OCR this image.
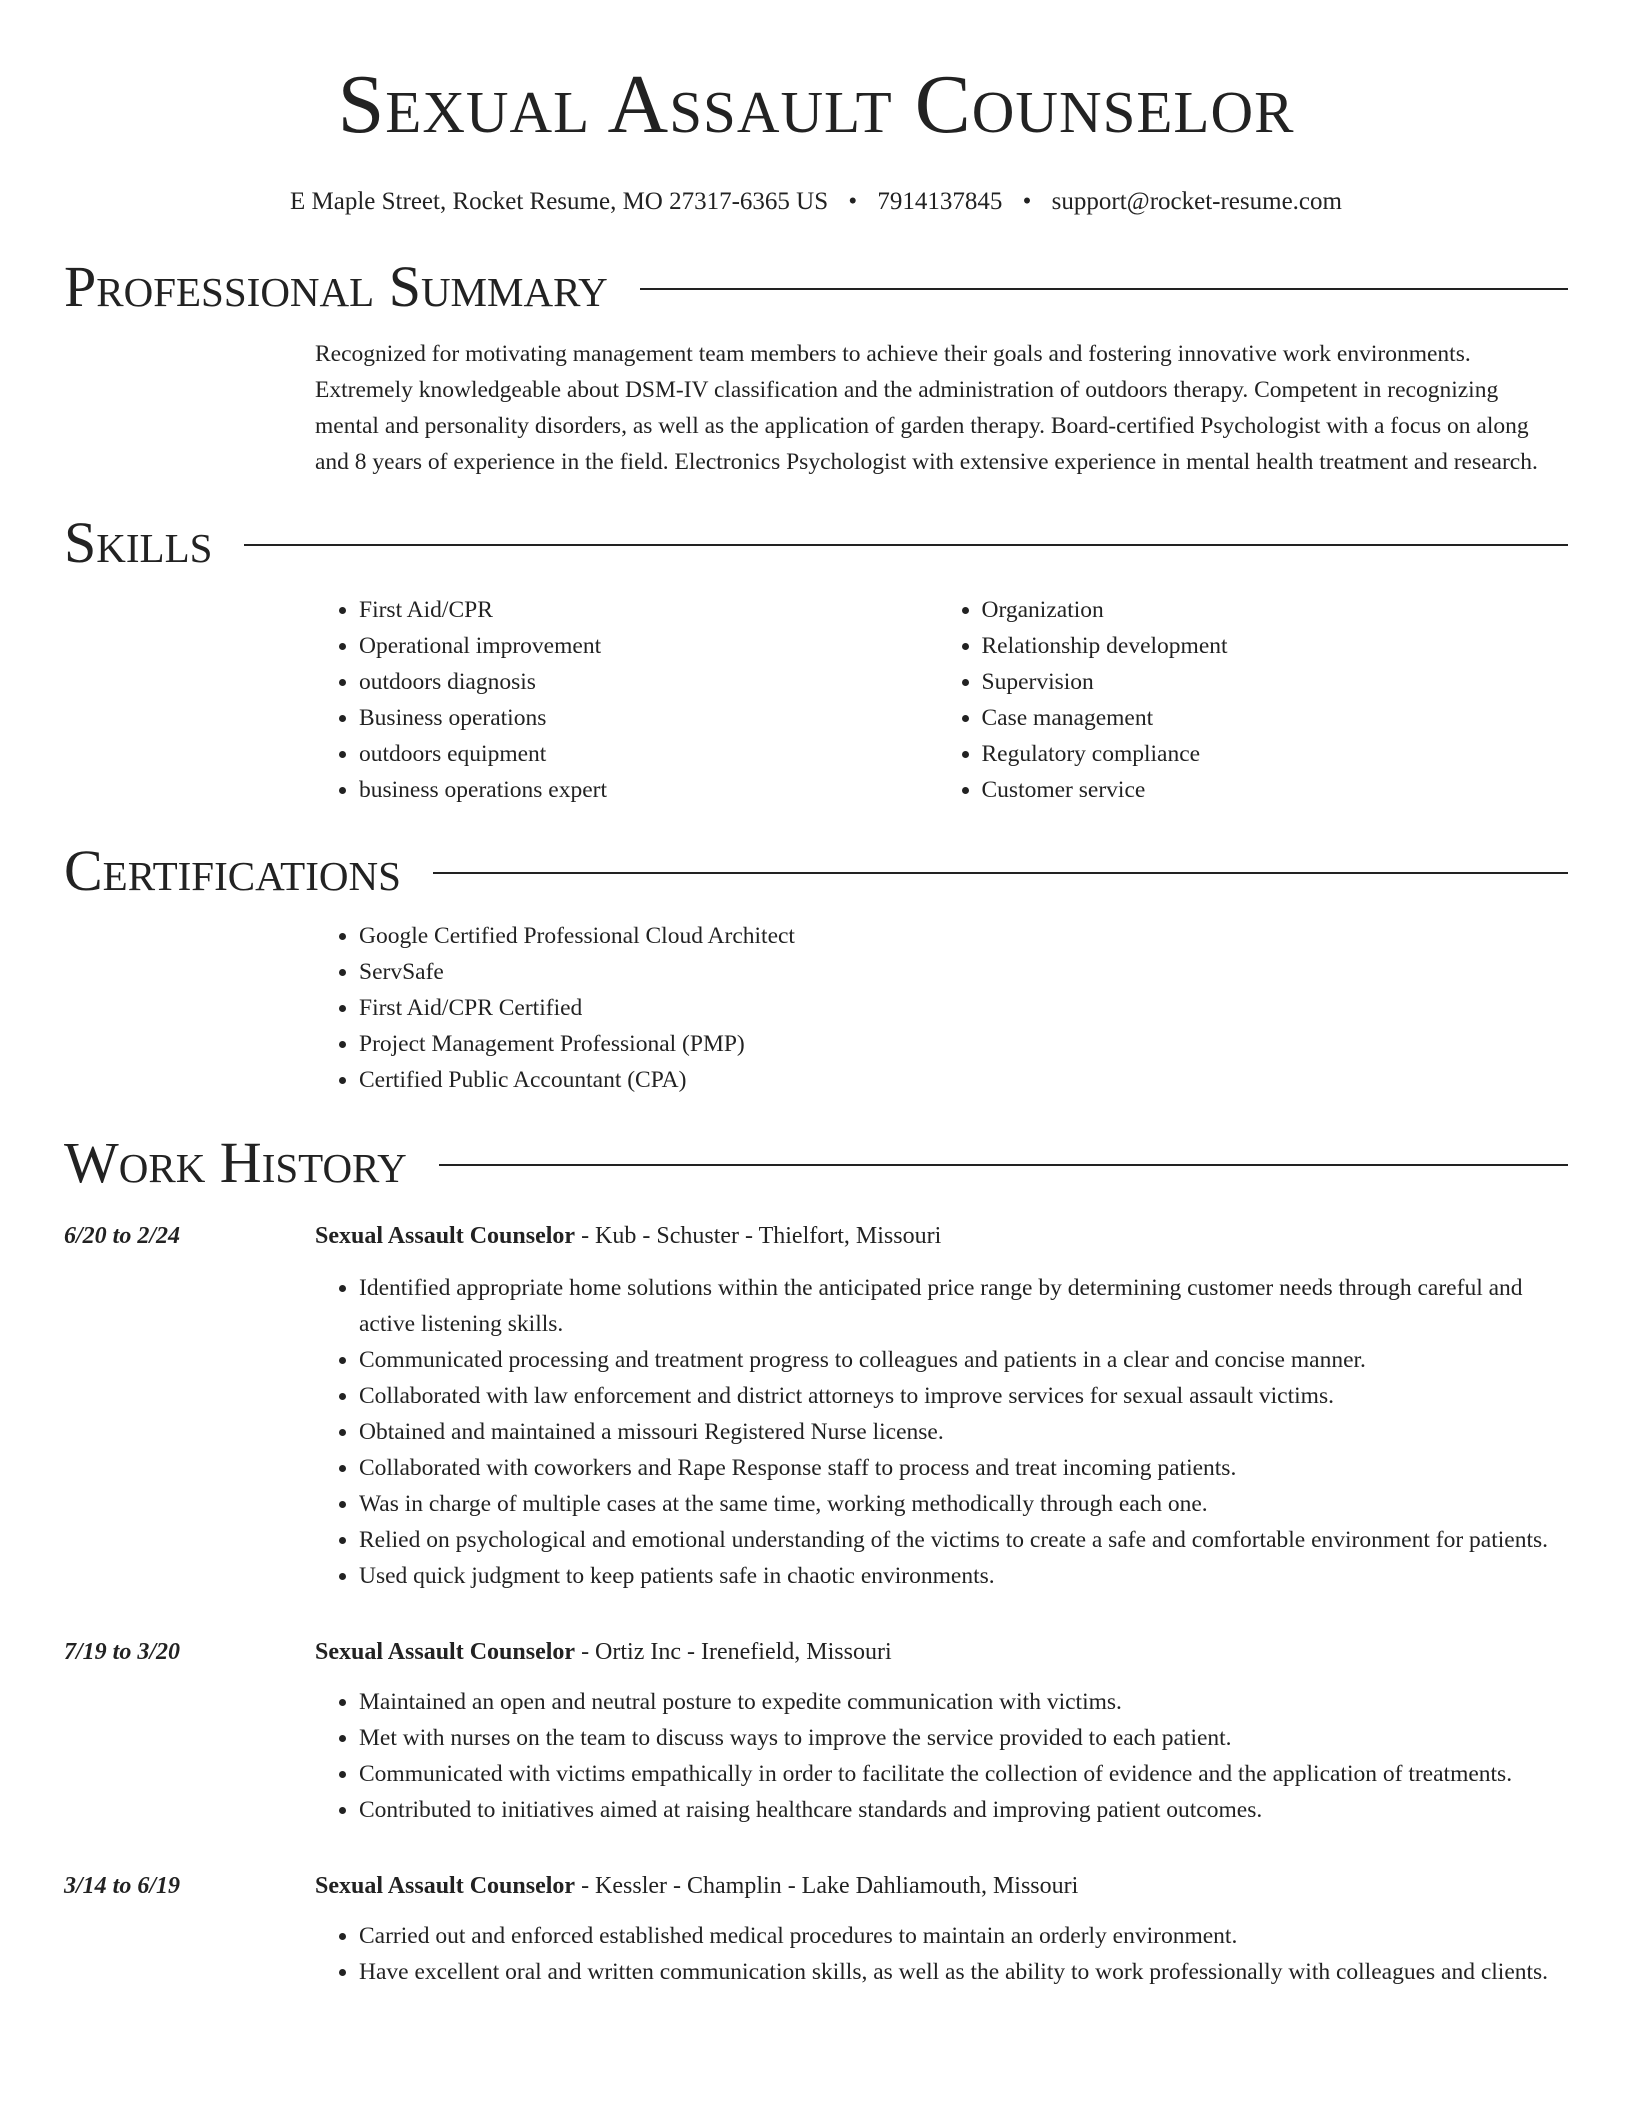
Sexual Assault Counselor
E Maple Street, Rocket Resume, MO 27317-6365 US • 7914137845 • support@rocket-resume.com
Professional Summary
Recognized for motivating management team members to achieve their goals and fostering innovative work environments. Extremely knowledgeable about DSM-IV classification and the administration of outdoors therapy. Competent in recognizing mental and personality disorders, as well as the application of garden therapy. Board-certified Psychologist with a focus on along and 8 years of experience in the field. Electronics Psychologist with extensive experience in mental health treatment and research.
Skills
• First Aid/CPR
• Operational improvement
• outdoors diagnosis
• Business operations
• outdoors equipment
• business operations expert
• Organization
• Relationship development
• Supervision
• Case management
• Regulatory compliance
• Customer service
Certifications
• Google Certified Professional Cloud Architect
• ServSafe
• First Aid/CPR Certified
• Project Management Professional (PMP)
• Certified Public Accountant (CPA)
Work History
6/20 to 2/24	Sexual Assault Counselor - Kub - Schuster - Thielfort, Missouri
• Identified appropriate home solutions within the anticipated price range by determining customer needs through careful and active listening skills.
• Communicated processing and treatment progress to colleagues and patients in a clear and concise manner.
• Collaborated with law enforcement and district attorneys to improve services for sexual assault victims.
• Obtained and maintained a missouri Registered Nurse license.
• Collaborated with coworkers and Rape Response staff to process and treat incoming patients.
• Was in charge of multiple cases at the same time, working methodically through each one.
• Relied on psychological and emotional understanding of the victims to create a safe and comfortable environment for patients.
• Used quick judgment to keep patients safe in chaotic environments.
7/19 to 3/20	Sexual Assault Counselor - Ortiz Inc - Irenefield, Missouri
• Maintained an open and neutral posture to expedite communication with victims.
• Met with nurses on the team to discuss ways to improve the service provided to each patient.
• Communicated with victims empathically in order to facilitate the collection of evidence and the application of treatments.
• Contributed to initiatives aimed at raising healthcare standards and improving patient outcomes.
3/14 to 6/19	Sexual Assault Counselor - Kessler - Champlin - Lake Dahliamouth, Missouri
• Carried out and enforced established medical procedures to maintain an orderly environment.
• Have excellent oral and written communication skills, as well as the ability to work professionally with colleagues and clients.
